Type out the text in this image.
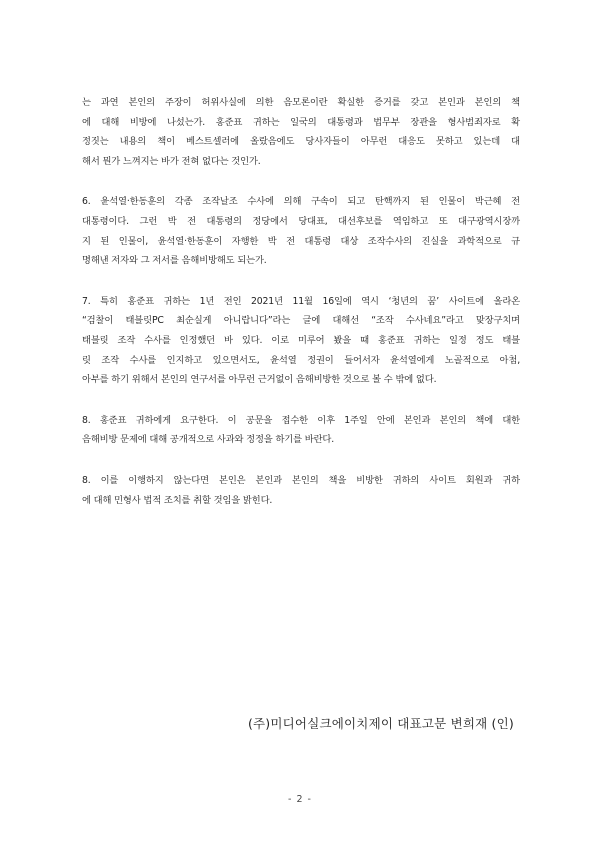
는 과연 본인의 주장이 허위사실에 의한 음모론이란 확실한 증거를 갖고 본인과 본인의 책
에 대해 비방에 나섰는가. 홍준표 귀하는 일국의 대통령과 법무부 장관을 형사범죄자로 확
정짓는 내용의 책이 베스트셀러에 올랐음에도 당사자들이 아무런 대응도 못하고 있는데 대
해서 뭔가 느껴지는 바가 전혀 없다는 것인가.

6. 윤석열·한동훈의 각종 조작날조 수사에 의해 구속이 되고 탄핵까지 된 인물이 박근혜 전
대통령이다. 그런 박 전 대통령의 정당에서 당대표, 대선후보를 역임하고 또 대구광역시장까
지 된 인물이, 윤석열·한동훈이 자행한 박 전 대통령 대상 조작수사의 진실을 과학적으로 규
명해낸 저자와 그 저서를 음해비방해도 되는가.

7. 특히 홍준표 귀하는 1년 전인 2021년 11월 16일에 역시 ‘청년의 꿈’ 사이트에 올라온
“검찰이 태블릿PC 최순실게 아니랍니다”라는 글에 대해선 “조작 수사네요”라고 맞장구치며
태블릿 조작 수사를 인정했던 바 있다. 이로 미루어 봤을 때 홍준표 귀하는 일정 정도 태블
릿 조작 수사를 인지하고 있으면서도, 윤석열 정권이 들어서자 윤석열에게 노골적으로 아첨,
아부를 하기 위해서 본인의 연구서를 아무런 근거없이 음해비방한 것으로 볼 수 밖에 없다.

8. 홍준표 귀하에게 요구한다. 이 공문을 접수한 이후 1주일 안에 본인과 본인의 책에 대한
음해비방 문제에 대해 공개적으로 사과와 정정을 하기를 바란다.

8. 이를 이행하지 않는다면 본인은 본인과 본인의 책을 비방한 귀하의 사이트 회원과 귀하
에 대해 민형사 법적 조치를 취할 것임을 밝힌다.

(주)미디어실크에이치제이 대표고문 변희재 (인)
- 2 -
